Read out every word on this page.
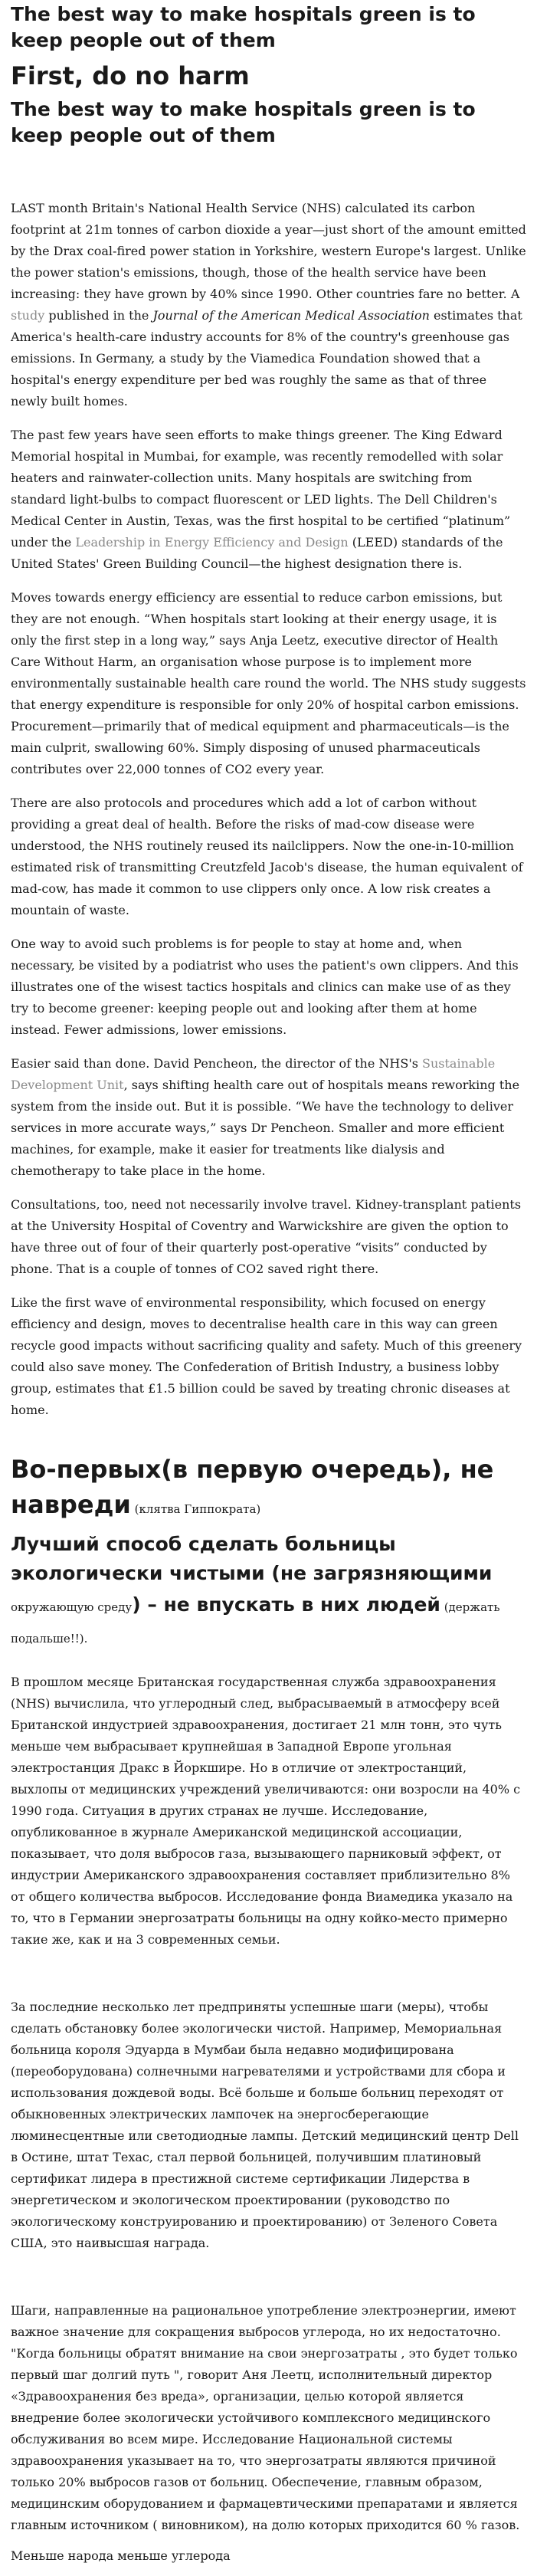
The best way to make hospitals green is to keep people out of them
First, do no harm
The best way to make hospitals green is to keep people out of them

LAST month Britain's National Health Service (NHS) calculated its carbon footprint at 21m tonnes of carbon dioxide a year—just short of the amount emitted by the Drax coal-fired power station in Yorkshire, western Europe's largest. Unlike the power station's emissions, though, those of the health service have been increasing: they have grown by 40% since 1990. Other countries fare no better. A study published in the Journal of the American Medical Association estimates that America's health-care industry accounts for 8% of the country's greenhouse gas emissions. In Germany, a study by the Viamedica Foundation showed that a hospital's energy expenditure per bed was roughly the same as that of three newly built homes.

The past few years have seen efforts to make things greener. The King Edward Memorial hospital in Mumbai, for example, was recently remodelled with solar heaters and rainwater-collection units. Many hospitals are switching from standard light-bulbs to compact fluorescent or LED lights. The Dell Children's Medical Center in Austin, Texas, was the first hospital to be certified “platinum” under the Leadership in Energy Efficiency and Design (LEED) standards of the United States' Green Building Council—the highest designation there is.

Moves towards energy efficiency are essential to reduce carbon emissions, but they are not enough. “When hospitals start looking at their energy usage, it is only the first step in a long way,” says Anja Leetz, executive director of Health Care Without Harm, an organisation whose purpose is to implement more environmentally sustainable health care round the world. The NHS study suggests that energy expenditure is responsible for only 20% of hospital carbon emissions. Procurement—primarily that of medical equipment and pharmaceuticals—is the main culprit, swallowing 60%. Simply disposing of unused pharmaceuticals contributes over 22,000 tonnes of CO2 every year.

There are also protocols and procedures which add a lot of carbon without providing a great deal of health. Before the risks of mad-cow disease were understood, the NHS routinely reused its nailclippers. Now the one-in-10-million estimated risk of transmitting Creutzfeld Jacob's disease, the human equivalent of mad-cow, has made it common to use clippers only once. A low risk creates a mountain of waste.

One way to avoid such problems is for people to stay at home and, when necessary, be visited by a podiatrist who uses the patient's own clippers. And this illustrates one of the wisest tactics hospitals and clinics can make use of as they try to become greener: keeping people out and looking after them at home instead. Fewer admissions, lower emissions.

Easier said than done. David Pencheon, the director of the NHS's Sustainable Development Unit, says shifting health care out of hospitals means reworking the system from the inside out. But it is possible. “We have the technology to deliver services in more accurate ways,” says Dr Pencheon. Smaller and more efficient machines, for example, make it easier for treatments like dialysis and chemotherapy to take place in the home.

Consultations, too, need not necessarily involve travel. Kidney-transplant patients at the University Hospital of Coventry and Warwickshire are given the option to have three out of four of their quarterly post-operative “visits” conducted by phone. That is a couple of tonnes of CO2 saved right there.

Like the first wave of environmental responsibility, which focused on energy efficiency and design, moves to decentralise health care in this way can green recycle good impacts without sacrificing quality and safety. Much of this greenery could also save money. The Confederation of British Industry, a business lobby group, estimates that £1.5 billion could be saved by treating chronic diseases at home.

Во-первых(в первую очередь), не навреди (клятва Гиппократа)
Лучший способ сделать больницы экологически чистыми (не загрязняющими окружающую среду) – не впускать в них людей (держать подальше!!).

В прошлом месяце Британская государственная служба здравоохранения (NHS) вычислила, что углеродный след, выбрасываемый в атмосферу всей Британской индустрией здравоохранения, достигает 21 млн тонн, это чуть меньше чем выбрасывает крупнейшая в Западной Европе угольная электростанция Дракс в Йоркшире. Но в отличие от электростанций, выхлопы от медицинских учреждений увеличиваются: они возросли на 40% с 1990 года. Ситуация в других странах не лучше. Исследование, опубликованное в журнале Американской медицинской ассоциации, показывает, что доля выбросов газа, вызывающего парниковый эффект, от индустрии Американского здравоохранения составляет приблизительно 8% от общего количества выбросов. Исследование фонда Виамедика указало на то, что в Германии энергозатраты больницы на одну койко-место примерно такие же, как и на 3 современных семьи.

За последние несколько лет предприняты успешные шаги (меры), чтобы сделать обстановку более экологически чистой. Например, Мемориальная больница короля Эдуарда в Мумбаи была недавно модифицирована (переоборудована) солнечными нагревателями и устройствами для сбора и использования дождевой воды. Всё больше и больше больниц переходят от обыкновенных электрических лампочек на энергосберегающие люминесцентные или светодиодные лампы. Детский медицинский центр Dell в Остине, штат Техас, стал первой больницей, получившим платиновый сертификат лидера в престижной системе сертификации Лидерства в энергетическом и экологическом проектировании (руководство по экологическому конструированию и проектированию) от Зеленого Совета США, это наивысшая награда.

Шаги, направленные на рациональное употребление электроэнергии, имеют важное значение для сокращения выбросов углерода, но их недостаточно. "Когда больницы обратят внимание на свои энергозатраты , это будет только первый шаг долгий путь ", говорит Аня Леетц, исполнительный директор «Здравоохранения без вреда», организации, целью которой является внедрение более экологически устойчивого комплексного медицинского обслуживания во всем мире. Исследование Национальной системы здравоохранения указывает на то, что энергозатраты являются причиной только 20% выбросов газов от больниц. Обеспечение, главным образом, медицинским оборудованием и фармацевтическими препаратами и является главным источником ( виновником), на долю которых приходится 60 % газов.

Меньше народа меньше углерода
